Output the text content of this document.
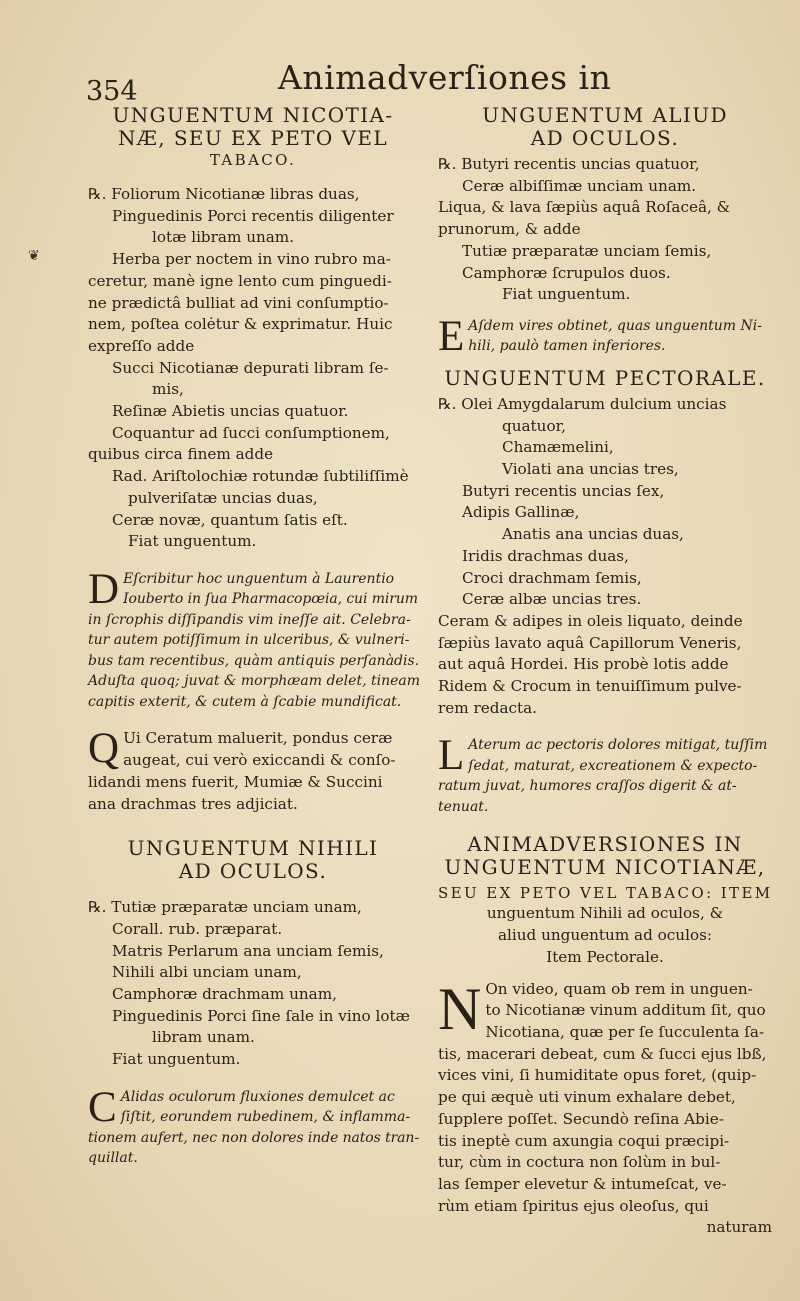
354	Animadverſiones in
UNGUENTUM NICOTIA-
NÆ, SEU EX PETO VEL
TABACO.
℞. Foliorum Nicotianæ libras duas,
Pinguedinis Porci recentis diligenter
lotæ libram unam.
Herba per noctem in vino rubro ma-
ceretur, manè igne lento cum pinguedi-
ne prædictâ bulliat ad vini conſumptio-
nem, poſtea colėtur & exprimatur. Huic
expreſſo adde
Succi Nicotianæ depurati libram ſe-
mis,
Reſinæ Abietis uncias quatuor.
Coquantur ad ſucci conſumptionem,
quibus circa finem adde
Rad. Ariſtolochiæ rotundæ ſubtiliſſimè
pulveriſatæ uncias duas,
Ceræ novæ, quantum ſatis eſt.
Fiat unguentum.
D Eſcribitur hoc unguentum à Laurentio
Iouberto in ſua Pharmacopœia, cui mirum
in ſcrophis diſſipandis vim ineſſe ait. Celebra-
tur autem potiſſimum in ulceribus, & vulneri-
bus tam recentibus, quàm antiquis perſanàdis.
Aduſta quoq; juvat & morphæam delet, tineam
capitis exterit, & cutem à ſcabie mundificat.
Q Ui Ceratum maluerit, pondus ceræ
augeat, cui verò exiccandi & conſo-
lidandi mens fuerit, Mumiæ & Succini
ana drachmas tres adjiciat.
UNGUENTUM NIHILI
AD OCULOS.
℞. Tutiæ præparatæ unciam unam,
Corall. rub. præparat.
Matris Perlarum ana unciam ſemis,
Nihili albi unciam unam,
Camphoræ drachmam unam,
Pinguedinis Porci ſine ſale in vino lotæ
libram unam.
Fiat unguentum.
C Alidas oculorum fluxiones demulcet ac
ſiſtit, eorundem rubedinem, & inflamma-
tionem aufert, nec non dolores inde natos tran-
quillat.
UNGUENTUM ALIUD
AD OCULOS.
℞. Butyri recentis uncias quatuor,
Ceræ albiſſimæ unciam unam.
Liqua, & lava ſæpiùs aquâ Roſaceâ, &
prunorum, & adde
Tutiæ præparatæ unciam ſemis,
Camphoræ ſcrupulos duos.
Fiat unguentum.
E Aſdem vires obtinet, quas unguentum Ni-
hili, paulò tamen inferiores.
UNGUENTUM PECTORALE.
℞. Olei Amygdalarum dulcium uncias
quatuor,
Chamæmelini,
Violati ana uncias tres,
Butyri recentis uncias ſex,
Adipis Gallinæ,
Anatis ana uncias duas,
Iridis drachmas duas,
Croci drachmam ſemis,
Ceræ albæ uncias tres.
Ceram & adipes in oleis liquato, deinde
ſæpiùs lavato aquâ Capillorum Veneris,
aut aquâ Hordei. His probè lotis adde
Ridem & Crocum in tenuiſſimum pulve-
rem redacta.
L Aterum ac pectoris dolores mitigat, tuſſim
ſedat, maturat, excreationem & expecto-
ratum juvat, humores craſſos digerit & at-
tenuat.
ANIMADVERSIONES IN
UNGUENTUM NICOTIANÆ,
SEU EX PETO VEL TABACO: ITEM
unguentum Nihili ad oculos, &
aliud unguentum ad oculos:
Item Pectorale.
N On video, quam ob rem in unguen-
to Nicotianæ vinum additum ſit, quo
Nicotiana, quæ per ſe ſucculenta ſa-
tis, macerari debeat, cum & ſucci ejus lbß,
vices vini, ſi humiditate opus foret, (quip-
pe qui æquè uti vinum exhalare debet,
ſupplere poſſet. Secundò reſina Abie-
tis ineptè cum axungia coqui præcipi-
tur, cùm in coctura non ſolùm in bul-
las ſemper elevetur & intumeſcat, ve-
rùm etiam ſpiritus ejus oleoſus, qui
naturam
❦
